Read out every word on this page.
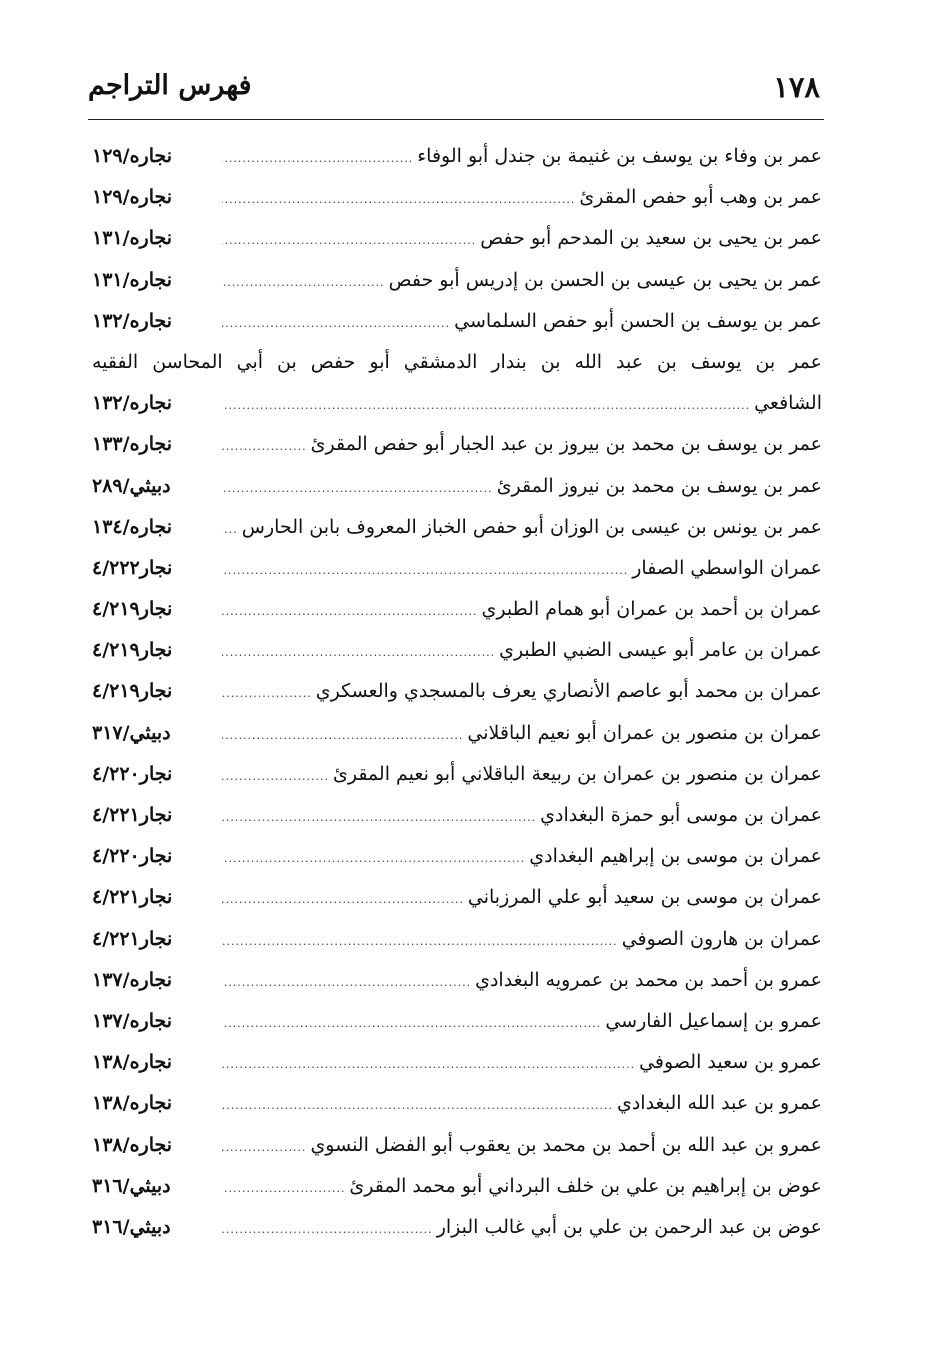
١٧٨
فهرس التراجم
عمر بن وفاء بن يوسف بن غنيمة بن جندل أبو الوفاء
.....
نجاره/١٢٩
عمر بن وهب أبو حفص المقرئ
.....
نجاره/١٢٩
عمر بن يحيى بن سعيد بن المدحم أبو حفص
.....
نجاره/١٣١
عمر بن يحيى بن عيسى بن الحسن بن إدريس أبو حفص
.....
نجاره/١٣١
عمر بن يوسف بن الحسن أبو حفص السلماسي
.....
نجاره/١٣٢
عمر بن يوسف بن عبد الله بن بندار الدمشقي أبو حفص بن أبي المحاسن الفقيه
الشافعي
.....
نجاره/١٣٢
عمر بن يوسف بن محمد بن بيروز بن عبد الجبار أبو حفص المقرئ
.....
نجاره/١٣٣
عمر بن يوسف بن محمد بن نيروز المقرئ
.....
دبيثي/٢٨٩
عمر بن يونس بن عيسى بن الوزان أبو حفص الخباز المعروف بابن الحارس
.....
نجاره/١٣٤
عمران الواسطي الصفار
.....
نجار٤/٢٢٢
عمران بن أحمد بن عمران أبو همام الطبري
.....
نجار٤/٢١٩
عمران بن عامر أبو عيسى الضبي الطبري
.....
نجار٤/٢١٩
عمران بن محمد أبو عاصم الأنصاري يعرف بالمسجدي والعسكري
.....
نجار٤/٢١٩
عمران بن منصور بن عمران أبو نعيم الباقلاني
.....
دبيثي/٣١٧
عمران بن منصور بن عمران بن ربيعة الباقلاني أبو نعيم المقرئ
.....
نجار٤/٢٢٠
عمران بن موسى أبو حمزة البغدادي
.....
نجار٤/٢٢١
عمران بن موسى بن إبراهيم البغدادي
.....
نجار٤/٢٢٠
عمران بن موسى بن سعيد أبو علي المرزباني
.....
نجار٤/٢٢١
عمران بن هارون الصوفي
.....
نجار٤/٢٢١
عمرو بن أحمد بن محمد بن عمرويه البغدادي
.....
نجاره/١٣٧
عمرو بن إسماعيل الفارسي
.....
نجاره/١٣٧
عمرو بن سعيد الصوفي
.....
نجاره/١٣٨
عمرو بن عبد الله البغدادي
.....
نجاره/١٣٨
عمرو بن عبد الله بن أحمد بن محمد بن يعقوب أبو الفضل النسوي
.....
نجاره/١٣٨
عوض بن إبراهيم بن علي بن خلف البرداني أبو محمد المقرئ
.....
دبيثي/٣١٦
عوض بن عبد الرحمن بن علي بن أبي غالب البزار
.....
دبيثي/٣١٦
